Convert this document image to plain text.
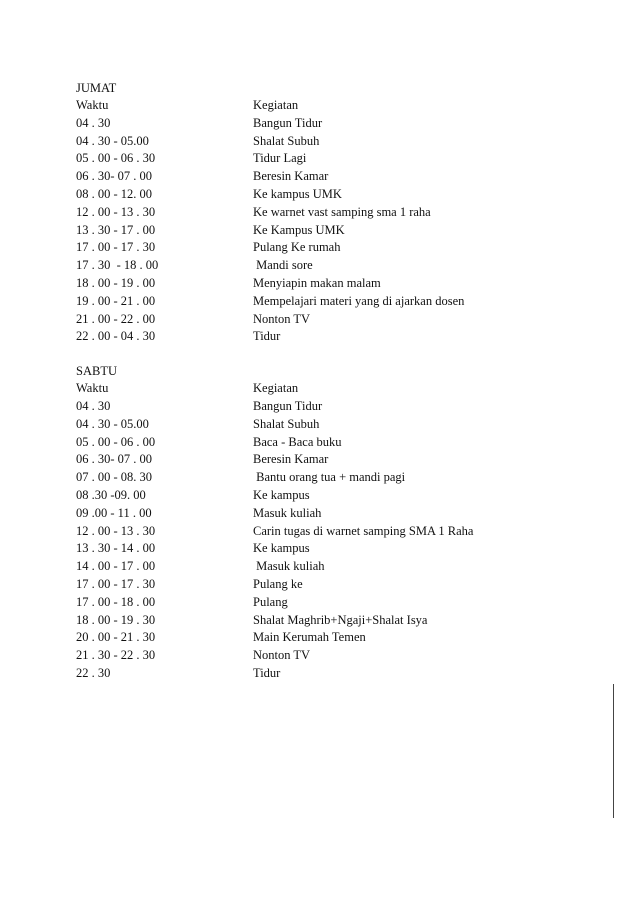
JUMAT
Waktu	Kegiatan
04 . 30	Bangun Tidur
04 . 30 - 05.00	Shalat Subuh
05 . 00 - 06 . 30	Tidur Lagi
06 . 30- 07 . 00	Beresin Kamar
08 . 00 - 12. 00	Ke kampus UMK
12 . 00 - 13 . 30	Ke warnet vast samping sma 1 raha
13 . 30 - 17 . 00	Ke Kampus UMK
17 . 00 - 17 . 30	Pulang Ke rumah
17 . 30  - 18 . 00	Mandi sore
18 . 00 - 19 . 00	Menyiapin makan malam
19 . 00 - 21 . 00	Mempelajari materi yang di ajarkan dosen
21 . 00 - 22 . 00	Nonton TV
22 . 00 - 04 . 30	Tidur
SABTU
Waktu	Kegiatan
04 . 30	Bangun Tidur
04 . 30 - 05.00	Shalat Subuh
05 . 00 - 06 . 00	Baca - Baca buku
06 . 30- 07 . 00	Beresin Kamar
07 . 00 - 08. 30	Bantu orang tua + mandi pagi
08 .30 -09. 00	Ke kampus
09 .00 - 11 . 00	Masuk kuliah
12 . 00 - 13 . 30	Carin tugas di warnet samping SMA 1 Raha
13 . 30 - 14 . 00	Ke kampus
14 . 00 - 17 . 00	Masuk kuliah
17 . 00 - 17 . 30	Pulang ke
17 . 00 - 18 . 00	Pulang
18 . 00 - 19 . 30	Shalat Maghrib+Ngaji+Shalat Isya
20 . 00 - 21 . 30	Main Kerumah Temen
21 . 30 - 22 . 30	Nonton TV
22 . 30	Tidur
